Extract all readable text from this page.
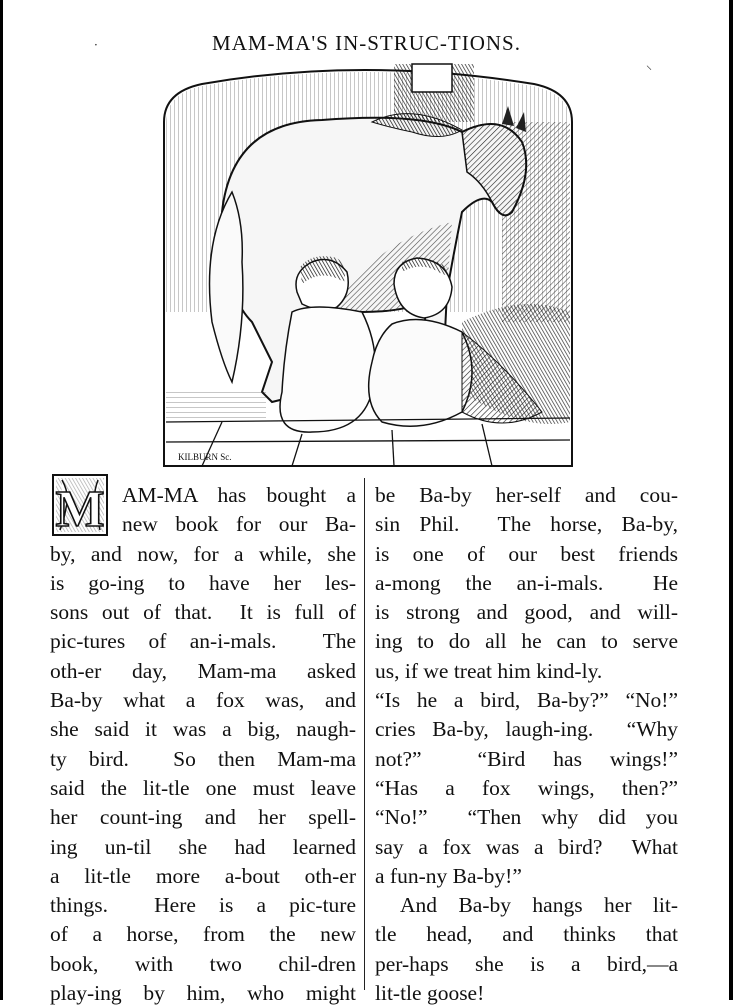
MAM-MA'S IN-STRUC-TIONS.
·
⸜
KILBURN Sc.
M AM-MA has bought a
new book for our Ba-
by, and now, for a while, she
is go-ing to have her les-
sons out of that.  It is full of
pic-tures of an-i-mals.  The
oth-er day, Mam-ma asked
Ba-by what a fox was, and
she said it was a big, naugh-
ty bird.  So then Mam-ma
said the lit-tle one must leave
her count-ing and her spell-
ing un-til she had learned
a lit-tle more a-bout oth-er
things.  Here is a pic-ture
of a horse, from the new
book, with two chil-dren
play-ing by him, who might
be Ba-by her-self and cou-
sin Phil.  The horse, Ba-by,
is one of our best friends
a-mong the an-i-mals.  He
is strong and good, and will-
ing to do all he can to serve
us, if we treat him kind-ly.
“Is he a bird, Ba-by?” “No!”
cries Ba-by, laugh-ing.  “Why
not?”  “Bird has wings!”
“Has a fox wings, then?”
“No!”  “Then why did you
say a fox was a bird?  What
a fun-ny Ba-by!”
And Ba-by hangs her lit-
tle head, and thinks that
per-haps she is a bird,—a
lit-tle goose!
